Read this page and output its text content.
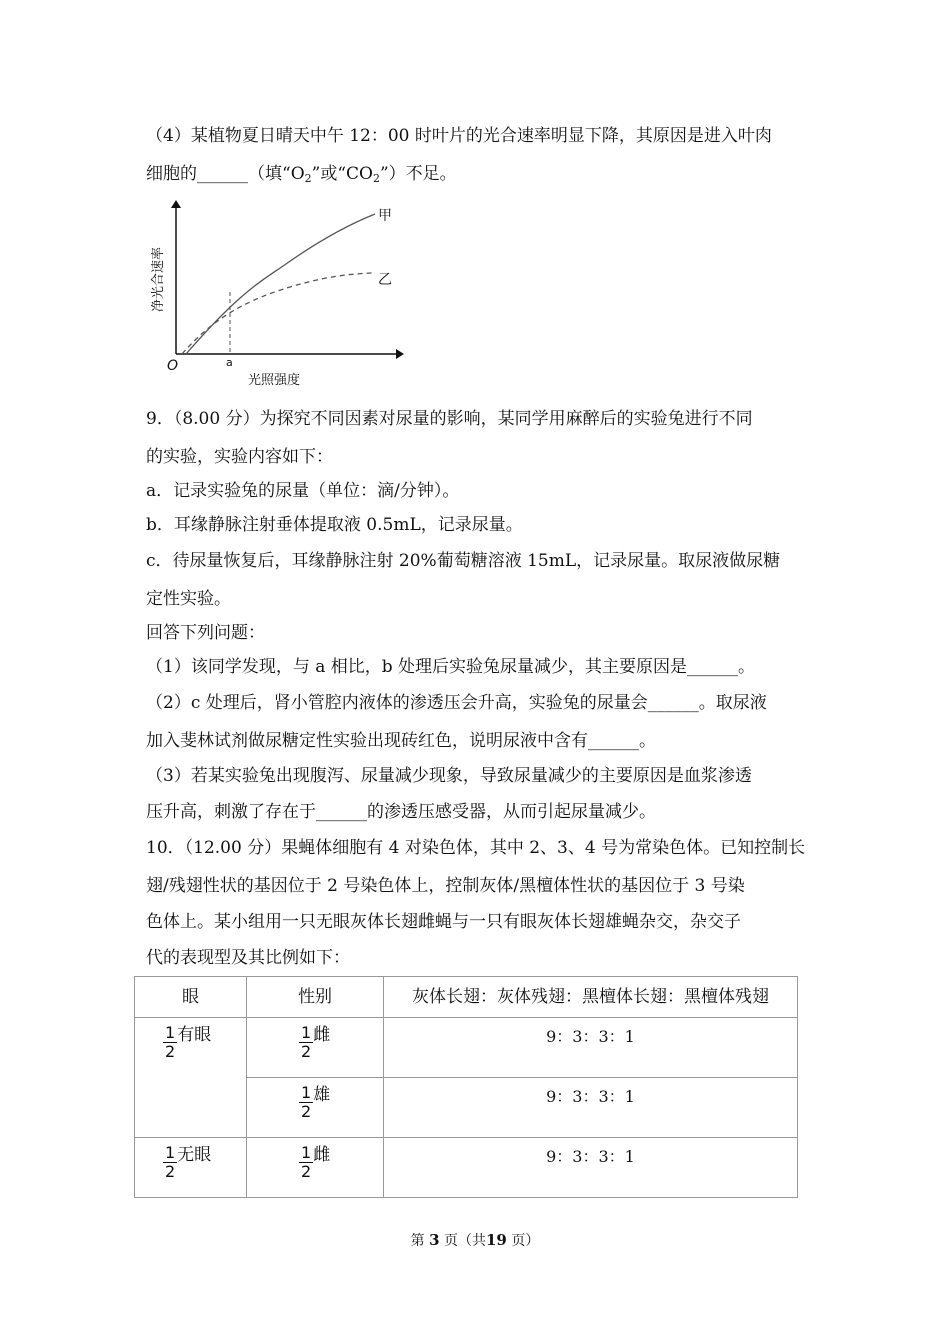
（4）某植物夏日晴天中午 12：00 时叶片的光合速率明显下降，其原因是进入叶肉
细胞的______（填“$O_2$”或“$CO_2$”）不足。
甲
乙
O	a
光照强度
净光合速率
9．（8.00 分）为探究不同因素对尿量的影响，某同学用麻醉后的实验兔进行不同
的实验，实验内容如下：
a．记录实验兔的尿量（单位：滴/分钟）。
b．耳缘静脉注射垂体提取液 0.5mL，记录尿量。
c．待尿量恢复后，耳缘静脉注射 20%葡萄糖溶液 15mL，记录尿量。取尿液做尿糖
定性实验。
回答下列问题：
（1）该同学发现，与 a 相比，b 处理后实验兔尿量减少，其主要原因是______。
（2）c 处理后，肾小管腔内液体的渗透压会升高，实验兔的尿量会______。取尿液
加入斐林试剂做尿糖定性实验出现砖红色，说明尿液中含有______。
（3）若某实验兔出现腹泻、尿量减少现象，导致尿量减少的主要原因是血浆渗透
压升高，刺激了存在于______的渗透压感受器，从而引起尿量减少。
10．（12.00 分）果蝇体细胞有 4 对染色体，其中 2、3、4 号为常染色体。已知控制长
翅/残翅性状的基因位于 2 号染色体上，控制灰体/黑檀体性状的基因位于 3 号染
色体上。某小组用一只无眼灰体长翅雌蝇与一只有眼灰体长翅雄蝇杂交，杂交子
代的表现型及其比例如下：
眼	性别	灰体长翅：灰体残翅：黑檀体长翅：黑檀体残翅

$\frac{1}{2}$ 有眼	$\frac{1}{2}$ 雌	9：3：3：1

	$\frac{1}{2}$ 雄	9：3：3：1

$\frac{1}{2}$ 无眼	$\frac{1}{2}$ 雌	9：3：3：1
第 3 页（共19 页）
